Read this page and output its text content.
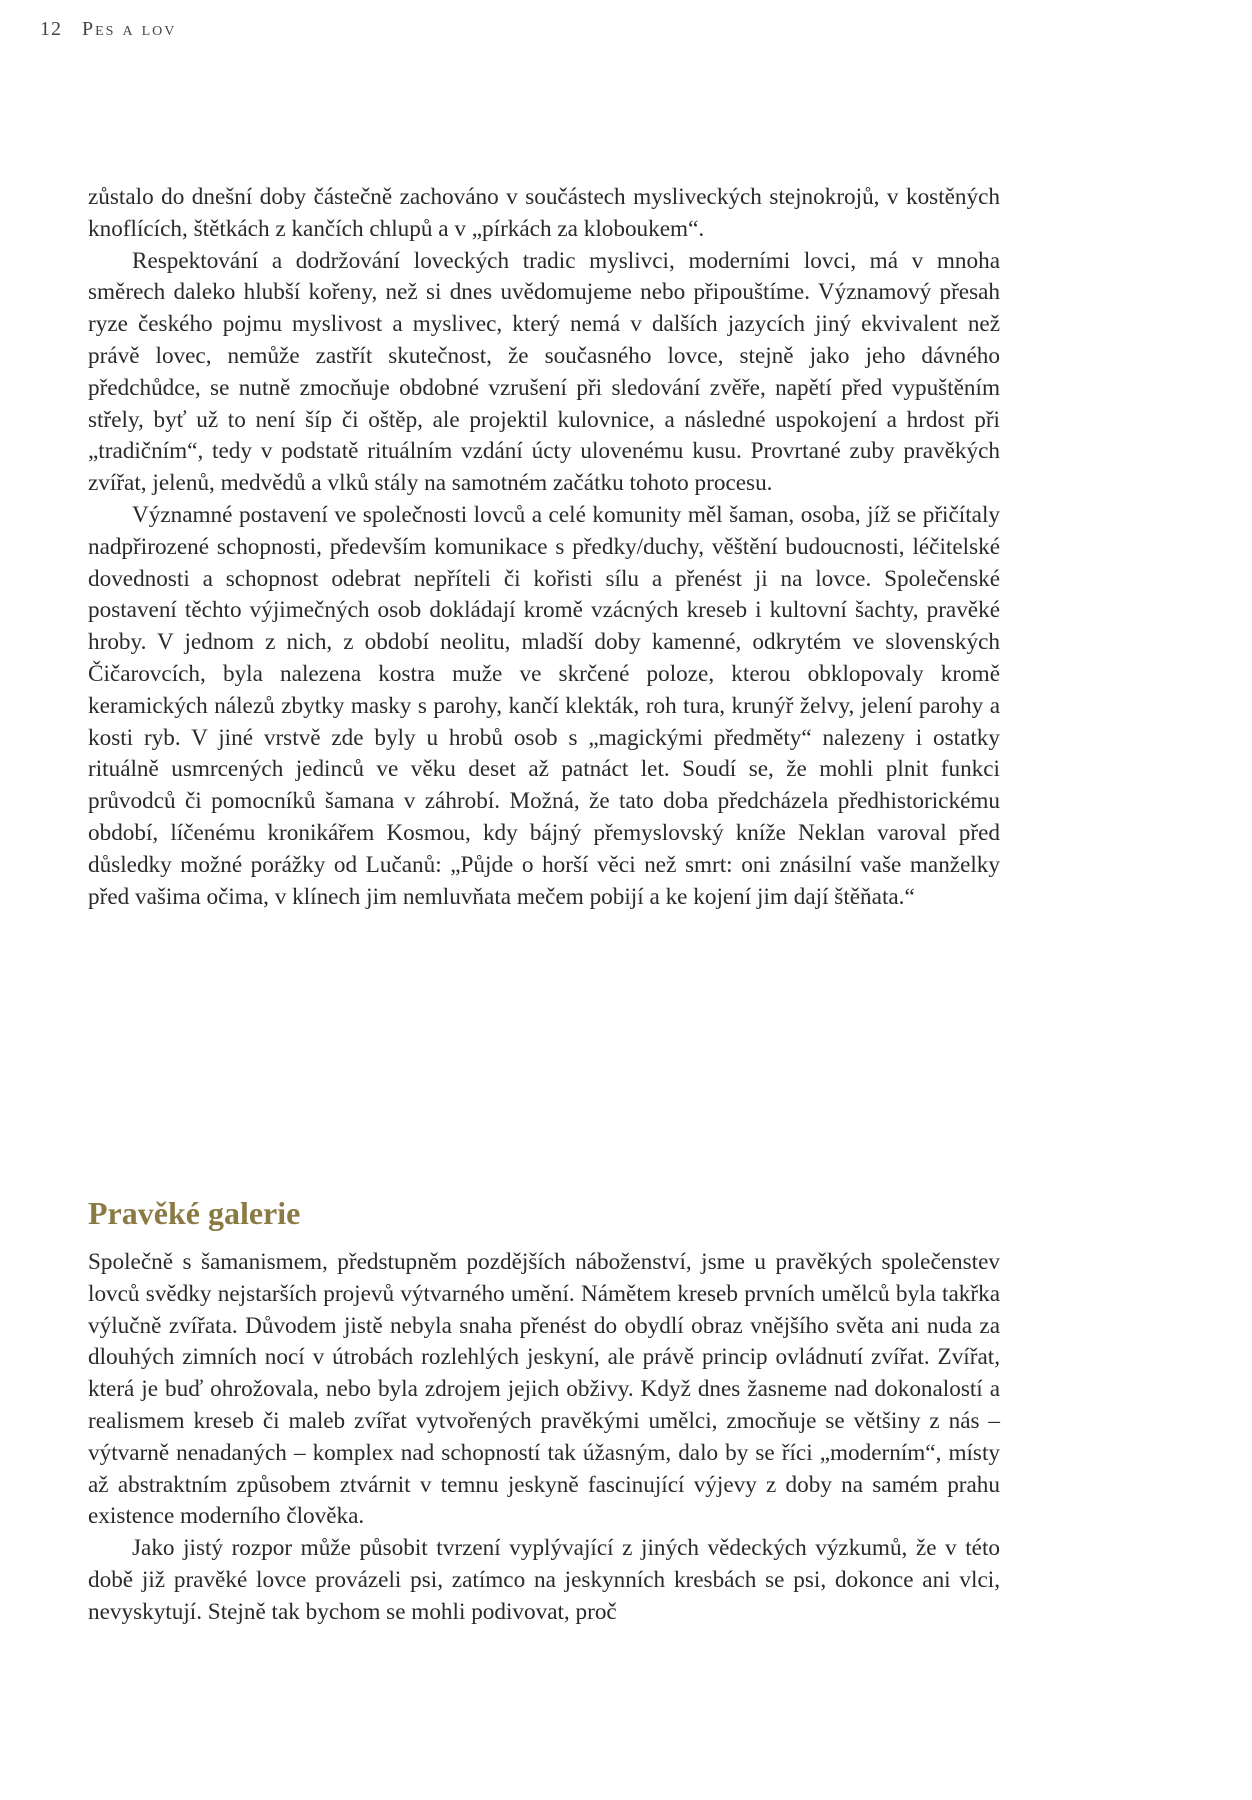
12 Pes a lov

zůstalo do dnešní doby částečně zachováno v součástech mysliveckých stejnokrojů, v kostěných knoflících, štětkách z kančích chlupů a v „pírkách za kloboukem“.

Respektování a dodržování loveckých tradic myslivci, moderními lovci, má v mnoha směrech daleko hlubší kořeny, než si dnes uvědomujeme nebo připouštíme. Významový přesah ryze českého pojmu myslivost a myslivec, který nemá v dalších jazycích jiný ekvivalent než právě lovec, nemůže zastřít skutečnost, že současného lovce, stejně jako jeho dávného předchůdce, se nutně zmocňuje obdobné vzrušení při sledování zvěře, napětí před vypuštěním střely, byť už to není šíp či oštěp, ale projektil kulovnice, a následné uspokojení a hrdost při „tradičním“, tedy v podstatě rituálním vzdání úcty ulovenému kusu. Provrtané zuby pravěkých zvířat, jelenů, medvědů a vlků stály na samotném začátku tohoto procesu.

Významné postavení ve společnosti lovců a celé komunity měl šaman, osoba, jíž se přičítaly nadpřirozené schopnosti, především komunikace s předky/duchy, věštění budoucnosti, léčitelské dovednosti a schopnost odebrat nepříteli či kořisti sílu a přenést ji na lovce. Společenské postavení těchto výjimečných osob dokládají kromě vzácných kreseb i kultovní šachty, pravěké hroby. V jednom z nich, z období neolitu, mladší doby kamenné, odkrytém ve slovenských Čičarovcích, byla nalezena kostra muže ve skrčené poloze, kterou obklopovaly kromě keramických nálezů zbytky masky s parohy, kančí klekták, roh tura, krunýř želvy, jelení parohy a kosti ryb. V jiné vrstvě zde byly u hrobů osob s „magickými předměty“ nalezeny i ostatky rituálně usmrcených jedinců ve věku deset až patnáct let. Soudí se, že mohli plnit funkci průvodců či pomocníků šamana v záhrobí. Možná, že tato doba předcházela předhistorickému období, líčenému kronikářem Kosmou, kdy bájný přemyslovský kníže Neklan varoval před důsledky možné porážky od Lučanů: „Půjde o horší věci než smrt: oni znásilní vaše manželky před vašima očima, v klínech jim nemluvňata mečem pobijí a ke kojení jim dají štěňata.“

Pravěké galerie

Společně s šamanismem, předstupněm pozdějších náboženství, jsme u pravěkých společenstev lovců svědky nejstarších projevů výtvarného umění. Námětem kreseb prvních umělců byla takřka výlučně zvířata. Důvodem jistě nebyla snaha přenést do obydlí obraz vnějšího světa ani nuda za dlouhých zimních nocí v útrobách rozlehlých jeskyní, ale právě princip ovládnutí zvířat. Zvířat, která je buď ohrožovala, nebo byla zdrojem jejich obživy. Když dnes žasneme nad dokonalostí a realismem kreseb či maleb zvířat vytvořených pravěkými umělci, zmocňuje se většiny z nás – výtvarně nenadaných – komplex nad schopností tak úžasným, dalo by se říci „moderním“, místy až abstraktním způsobem ztvárnit v temnu jeskyně fascinující výjevy z doby na samém prahu existence moderního člověka.

Jako jistý rozpor může působit tvrzení vyplývající z jiných vědeckých výzkumů, že v této době již pravěké lovce provázeli psi, zatímco na jeskynních kresbách se psi, dokonce ani vlci, nevyskytují. Stejně tak bychom se mohli podivovat, proč
